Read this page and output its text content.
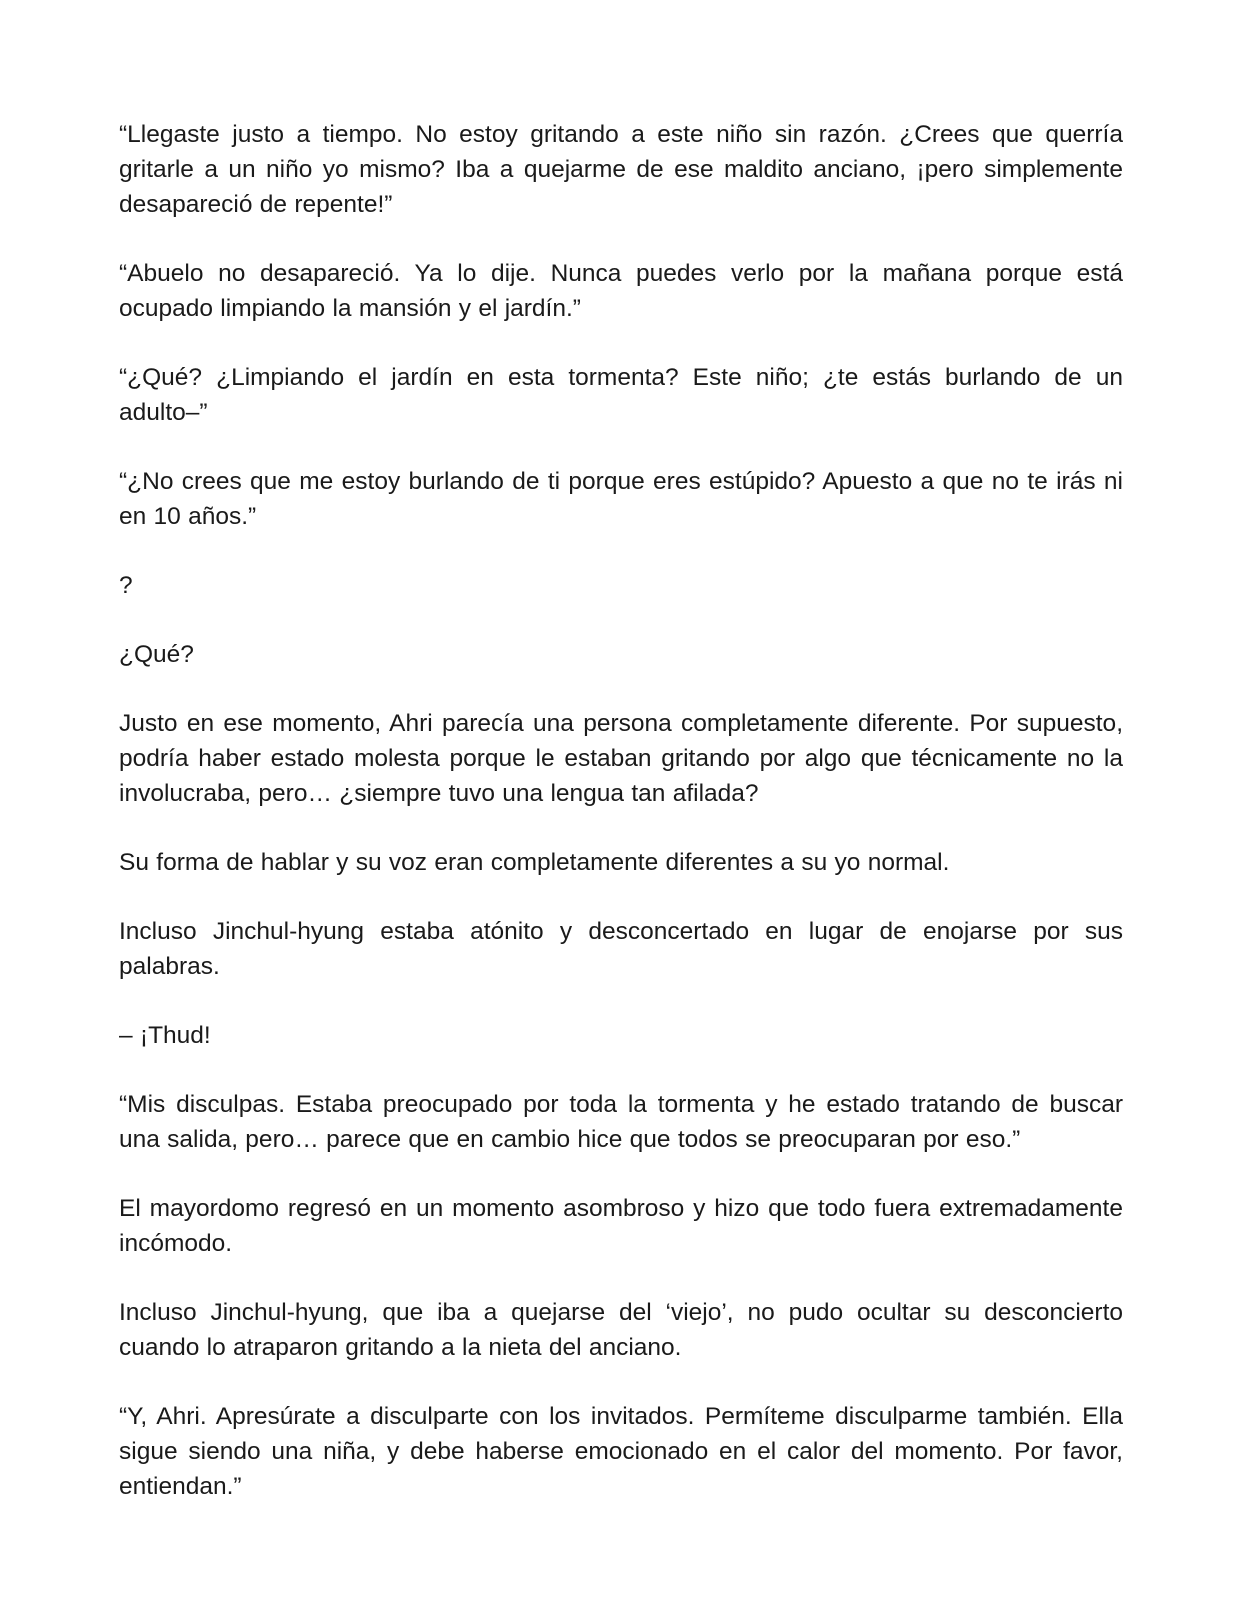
“Llegaste justo a tiempo. No estoy gritando a este niño sin razón. ¿Crees que querría gritarle a un niño yo mismo? Iba a quejarme de ese maldito anciano, ¡pero simplemente desapareció de repente!”

“Abuelo no desapareció. Ya lo dije. Nunca puedes verlo por la mañana porque está ocupado limpiando la mansión y el jardín.”

“¿Qué? ¿Limpiando el jardín en esta tormenta? Este niño; ¿te estás burlando de un adulto–”

“¿No crees que me estoy burlando de ti porque eres estúpido? Apuesto a que no te irás ni en 10 años.”

?

¿Qué?

Justo en ese momento, Ahri parecía una persona completamente diferente. Por supuesto, podría haber estado molesta porque le estaban gritando por algo que técnicamente no la involucraba, pero… ¿siempre tuvo una lengua tan afilada?

Su forma de hablar y su voz eran completamente diferentes a su yo normal.

Incluso Jinchul-hyung estaba atónito y desconcertado en lugar de enojarse por sus palabras.

– ¡Thud!

“Mis disculpas. Estaba preocupado por toda la tormenta y he estado tratando de buscar una salida, pero… parece que en cambio hice que todos se preocuparan por eso.”

El mayordomo regresó en un momento asombroso y hizo que todo fuera extremadamente incómodo.

Incluso Jinchul-hyung, que iba a quejarse del ‘viejo’, no pudo ocultar su desconcierto cuando lo atraparon gritando a la nieta del anciano.

“Y, Ahri. Apresúrate a disculparte con los invitados. Permíteme disculparme también. Ella sigue siendo una niña, y debe haberse emocionado en el calor del momento. Por favor, entiendan.”
